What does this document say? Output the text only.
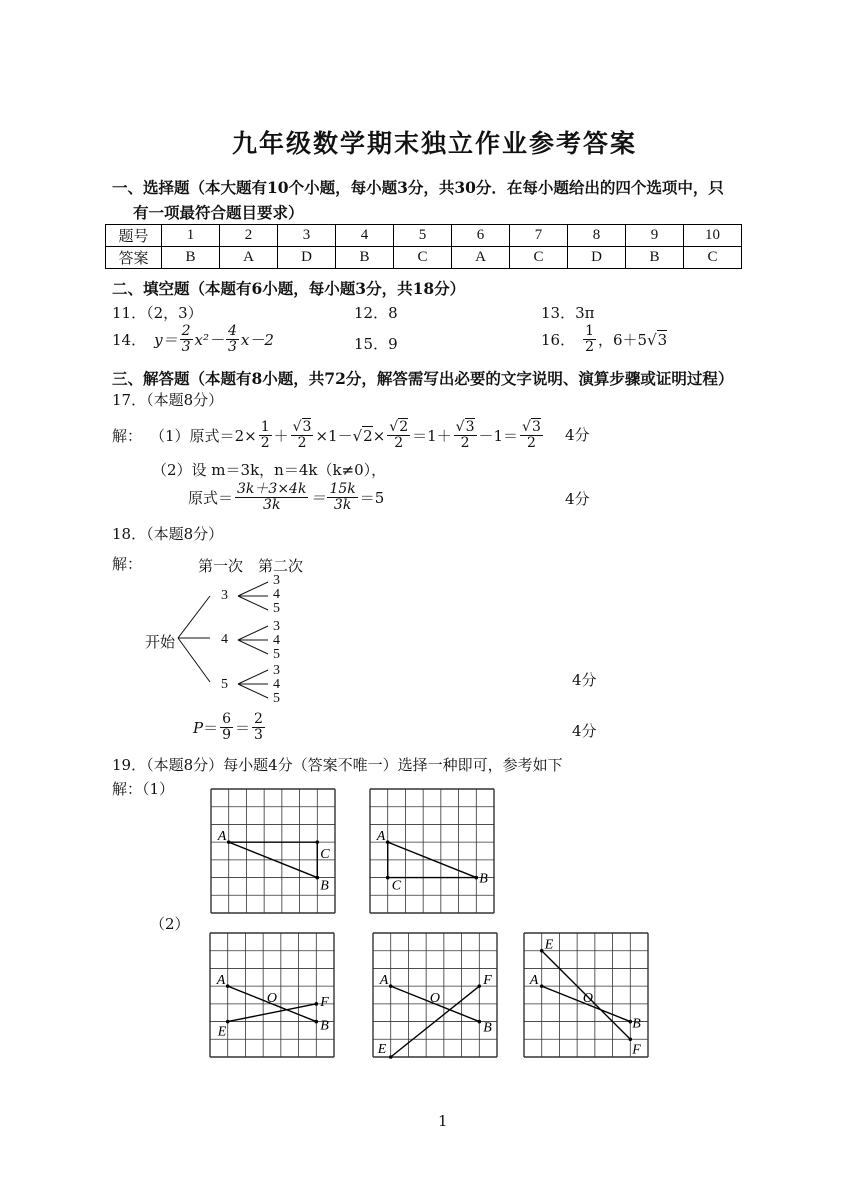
九年级数学期末独立作业参考答案
一、选择题（本大题有10个小题，每小题3分，共30分．在每小题给出的四个选项中，只
有一项最符合题目要求）
题号	1	2	3	4	5	6	7	8	9	10
答案	B	A	D	B	C	A	C	D	B	C
二、填空题（本题有6小题，每小题3分，共18分）
11．（2，3）	12．8	13．3π
14． $y= \frac{2}{3} x^2- \frac{4}{3} x-2$	15．9	16． $\frac{1}{2}$ ，6＋5√ 3
三、解答题（本题有8小题，共72分，解答需写出必要的文字说明、演算步骤或证明过程）
17．（本题8分）
解： （1）原式＝ $2\times \frac{1}{2} + \frac{√3}{2} \times 1-√$ $2 \times \frac{√2}{2} =1+ \frac{√3}{2} -1= \frac{√3}{2} 4$分
（2）设 m＝3k，n＝4k（k≠0），
原式＝ $\frac{3k+3\times 4k}{3k} = \frac{15k}{3k} =5$	4分
18．（本题8分）
解：	第一次 第二次
开始
3
4
5
3
4
5
3
4
5
3
4
5
4分
$P = \frac{6}{9} = \frac{2}{3}$	4分
19．（本题8分）每小题4分（答案不唯一）选择一种即可，参考如下
解：（1）
（2）
A
C
B
A
C	B
A
B
E
F
O
A
B
E
F
O
A
B
E
F
O
1
